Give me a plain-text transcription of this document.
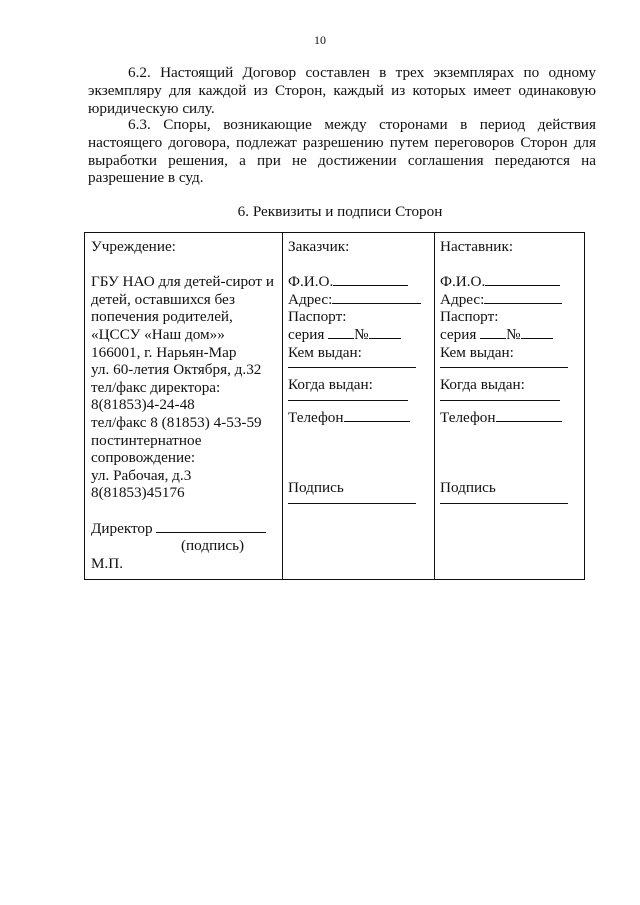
10
6.2. Настоящий Договор составлен в трех экземплярах по одному экземпляру для каждой из Сторон, каждый из которых имеет одинаковую юридическую силу.
6.3. Споры, возникающие между сторонами в период действия настоящего договора, подлежат разрешению путем переговоров Сторон для выработки решения, а при не достижении соглашения передаются на разрешение в суд.
6. Реквизиты и подписи Сторон
Учреждение:
ГБУ НАО для детей-сирот и
детей, оставшихся без
попечения родителей,
«ЦССУ «Наш дом»»
166001, г. Нарьян-Мар
ул. 60-летия Октября, д.32
тел/факс директора:
8(81853)4-24-48
тел/факс 8 (81853) 4-53-59
постинтернатное
сопровождение:
ул. Рабочая, д.3
8(81853)45176
Директор
(подпись)
М.П.
Заказчик:
Ф.И.О.
Адрес:
Паспорт:
серия №
Кем выдан:
Когда выдан:
Телефон
Подпись
Наставник:
Ф.И.О.
Адрес:
Паспорт:
серия №
Кем выдан:
Когда выдан:
Телефон
Подпись
